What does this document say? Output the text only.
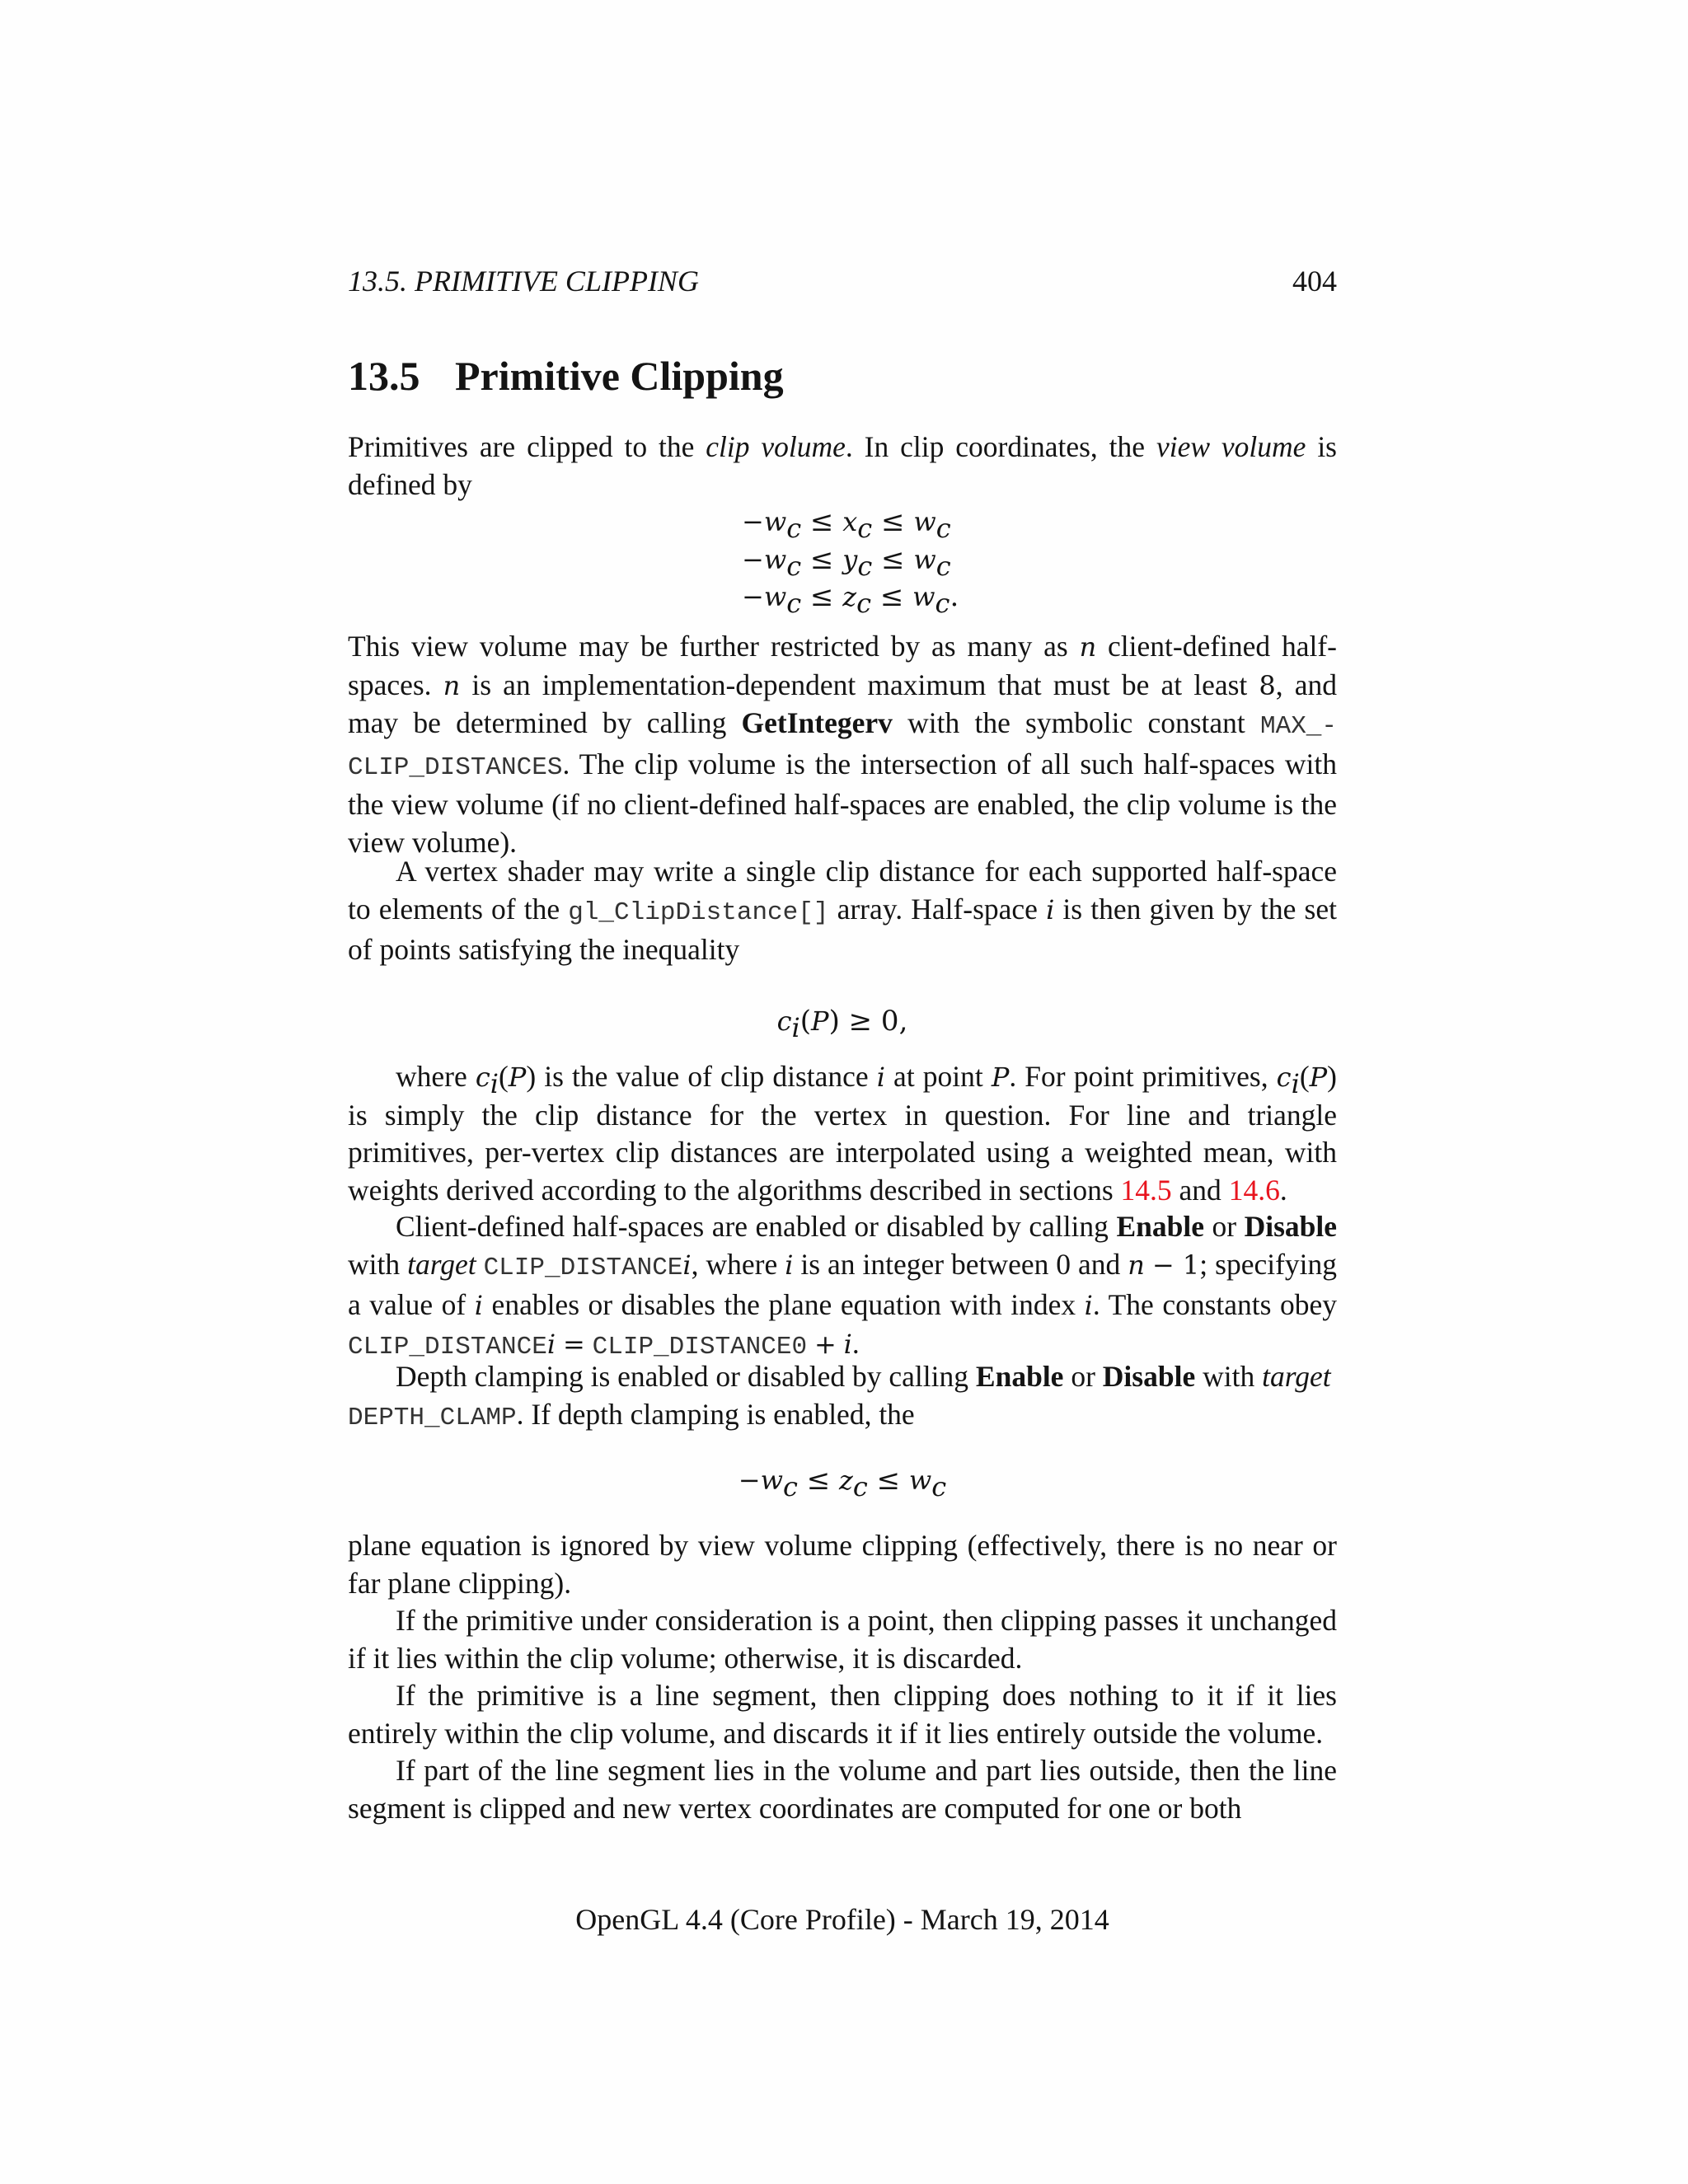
13.5. PRIMITIVE CLIPPING	404
13.5 Primitive Clipping
Primitives are clipped to the clip volume. In clip coordinates, the view volume is defined by
$-w_c \le x_c \le w_c$
$-w_c \le y_c \le w_c$
$-w_c \le z_c \le w_c$.
This view volume may be further restricted by as many as n client-defined half-spaces. n is an implementation-dependent maximum that must be at least 8, and may be determined by calling GetIntegerv with the symbolic constant MAX_-CLIP_DISTANCES. The clip volume is the intersection of all such half-spaces with the view volume (if no client-defined half-spaces are enabled, the clip volume is the view volume).
A vertex shader may write a single clip distance for each supported half-space to elements of the gl_ClipDistance[] array. Half-space i is then given by the set of points satisfying the inequality
$c_i(P) \ge 0$,
where $c_i(P)$ is the value of clip distance i at point P. For point primitives, $c_i(P)$ is simply the clip distance for the vertex in question. For line and triangle primitives, per-vertex clip distances are interpolated using a weighted mean, with weights derived according to the algorithms described in sections 14.5 and 14.6.
Client-defined half-spaces are enabled or disabled by calling Enable or Disable with target CLIP_DISTANCEi, where i is an integer between 0 and n − 1; specifying a value of i enables or disables the plane equation with index i. The constants obey CLIP_DISTANCEi = CLIP_DISTANCE0 + i.
Depth clamping is enabled or disabled by calling Enable or Disable with target
DEPTH_CLAMP. If depth clamping is enabled, the
$-w_c \le z_c \le w_c$
plane equation is ignored by view volume clipping (effectively, there is no near or far plane clipping).
If the primitive under consideration is a point, then clipping passes it unchanged if it lies within the clip volume; otherwise, it is discarded.
If the primitive is a line segment, then clipping does nothing to it if it lies entirely within the clip volume, and discards it if it lies entirely outside the volume.
If part of the line segment lies in the volume and part lies outside, then the line segment is clipped and new vertex coordinates are computed for one or both
OpenGL 4.4 (Core Profile) - March 19, 2014
